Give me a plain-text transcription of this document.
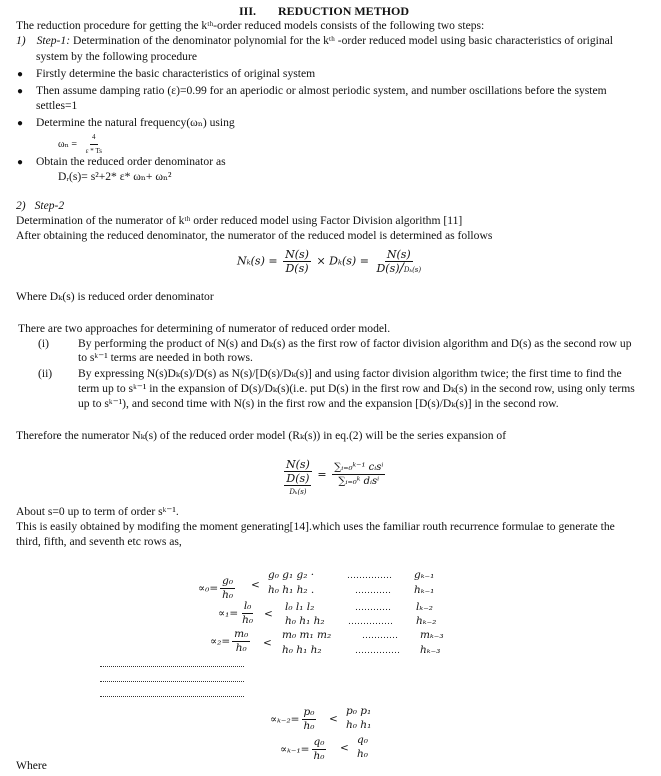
III. REDUCTION METHOD
The reduction procedure for getting the kᵗʰ-order reduced models consists of the following two steps:
1) Step-1: Determination of the denominator polynomial for the kᵗʰ -order reduced model using basic characteristics of original
system by the following procedure
● Firstly determine the basic characteristics of original system
● Then assume damping ratio (ε)=0.99 for an aperiodic or almost periodic system, and number oscillations before the system
settles=1
● Determine the natural frequency(ωₙ) using
$\omega_n = \frac{4}{\varepsilon * Ts}$
● Obtain the reduced order denominator as
Dᵣ(s)= s²+2* ε* ωₙ+ ωₙ²
2) Step-2
Determination of the numerator of kᵗʰ order reduced model using Factor Division algorithm [11]
After obtaining the reduced denominator, the numerator of the reduced model is determined as follows
$N_k(s) = \frac{N(s)}{D(s)} \times D_k(s) = \frac{N(s)}{\text{D(s)/Dₖ(s)}}$
Where Dₖ(s) is reduced order denominator
There are two approaches for determining of numerator of reduced order model.
(i)	By performing the product of N(s) and Dₖ(s) as the first row of factor division algorithm and D(s) as the second row up
to sᵏ⁻¹ terms are needed in both rows.
(ii) By expressing N(s)Dₖ(s)/D(s) as N(s)/[D(s)/Dₖ(s)] and using factor division algorithm twice; the first time to find the
term up to sᵏ⁻¹ in the expansion of D(s)/Dₖ(s)(i.e. put D(s) in the first row and Dₖ(s) in the second row, using only terms
up to sᵏ⁻¹), and second time with N(s) in the first row and the expansion [D(s)/Dₖ(s)] in the second row.
Therefore the numerator Nₖ(s) of the reduced order model (Rₖ(s)) in eq.(2) will be the series expansion of
N(s)
D(s)
Dₖ(s)
= $\frac{\text{∑ᵢ₌₀ᵏ⁻¹ cᵢsⁱ}}{\text{∑ᵢ₌₀ᵏ dᵢsⁱ}}$
About s=0 up to term of order sᵏ⁻¹.
This is easily obtained by modifing the moment generating[14].which uses the familiar routh recurrence formulae to generate the
third, fifth, and seventh etc rows as,
$\propto_0= \frac{\text{g₀}}{\text{h₀}}$ <
g₀ g₁ g₂ ·
h₀ h₁ h₂ .
……………
…………
gₖ₋₁
hₖ₋₁
$\propto_1= \frac{\text{l₀}}{\text{h₀}}$ <
l₀ l₁ l₂
h₀ h₁ h₂
…………
……………
lₖ₋₂
hₖ₋₂
$\propto_2= \frac{\text{m₀}}{\text{h₀}}$ <
m₀ m₁ m₂
h₀ h₁ h₂
…………
……………
mₖ₋₃
hₖ₋₃
$\propto_{k-2}= \frac{\text{p₀}}{\text{h₀}}$ <
p₀ p₁
h₀ h₁
$\propto_{k-1}= \frac{\text{q₀}}{\text{h₀}}$ <
q₀
h₀
Where
